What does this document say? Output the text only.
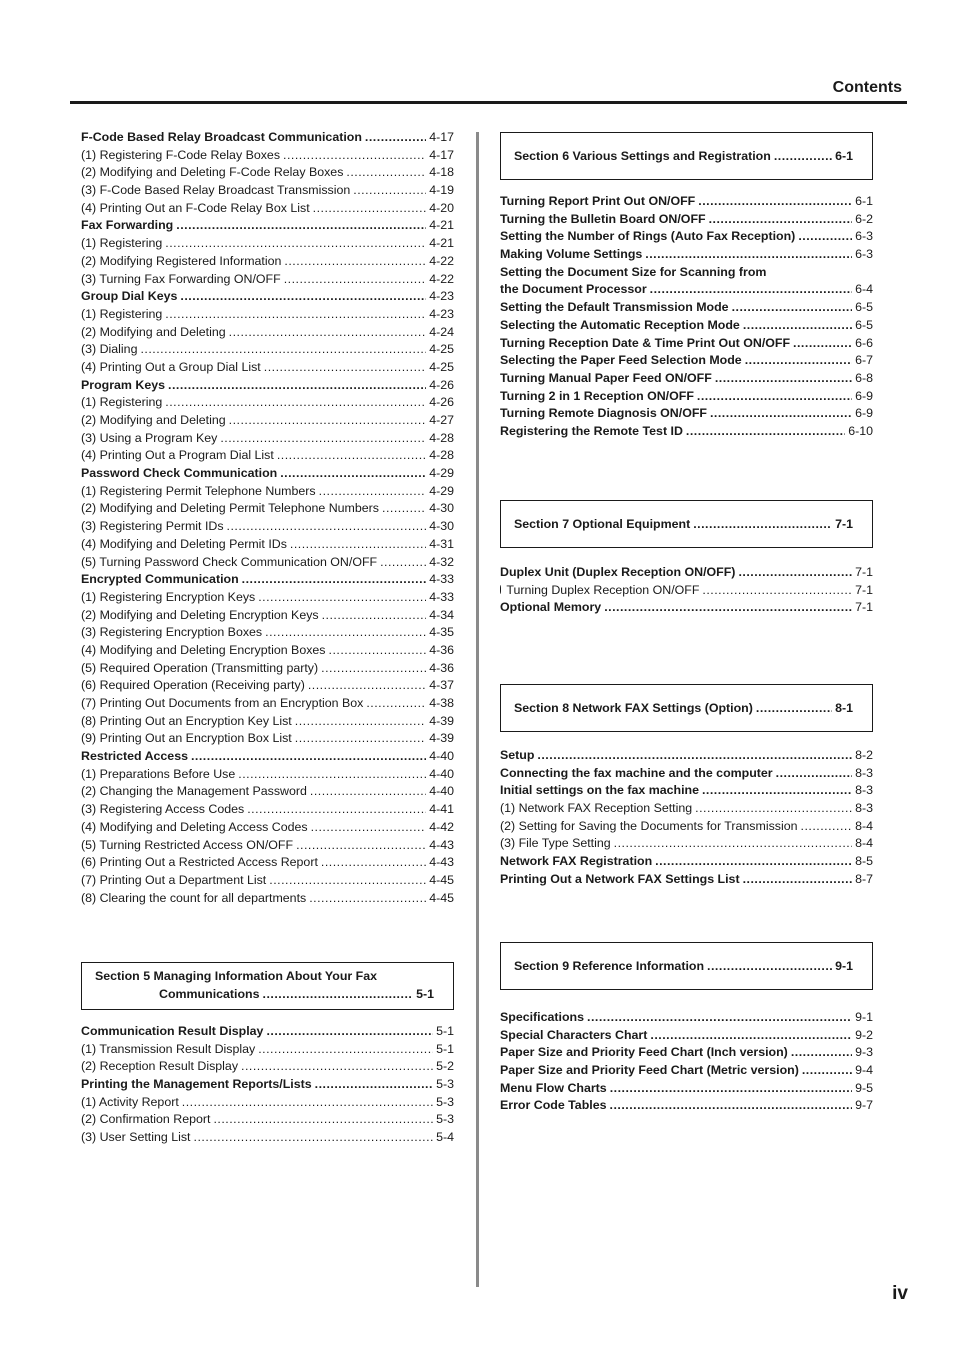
Contents
F-Code Based Relay Broadcast Communication .....	4-17
(1) Registering F-Code Relay Boxes .....	4-17
(2) Modifying and Deleting F-Code Relay Boxes .....	4-18
(3) F-Code Based Relay Broadcast Transmission .....	4-19
(4) Printing Out an F-Code Relay Box List .....	4-20
Fax Forwarding .....	4-21
(1) Registering .....	4-21
(2) Modifying Registered Information .....	4-22
(3) Turning Fax Forwarding ON/OFF .....	4-22
Group Dial Keys .....	4-23
(1) Registering .....	4-23
(2) Modifying and Deleting .....	4-24
(3) Dialing .....	4-25
(4) Printing Out a Group Dial List .....	4-25
Program Keys .....	4-26
(1) Registering .....	4-26
(2) Modifying and Deleting .....	4-27
(3) Using a Program Key .....	4-28
(4) Printing Out a Program Dial List .....	4-28
Password Check Communication .....	4-29
(1) Registering Permit Telephone Numbers .....	4-29
(2) Modifying and Deleting Permit Telephone Numbers .....	4-30
(3) Registering Permit IDs .....	4-30
(4) Modifying and Deleting Permit IDs .....	4-31
(5) Turning Password Check Communication ON/OFF .....	4-32
Encrypted Communication .....	4-33
(1) Registering Encryption Keys .....	4-33
(2) Modifying and Deleting Encryption Keys .....	4-34
(3) Registering Encryption Boxes .....	4-35
(4) Modifying and Deleting Encryption Boxes .....	4-36
(5) Required Operation (Transmitting party) .....	4-36
(6) Required Operation (Receiving party) .....	4-37
(7) Printing Out Documents from an Encryption Box .....	4-38
(8) Printing Out an Encryption Key List .....	4-39
(9) Printing Out an Encryption Box List .....	4-39
Restricted Access .....	4-40
(1) Preparations Before Use .....	4-40
(2) Changing the Management Password .....	4-40
(3) Registering Access Codes .....	4-41
(4) Modifying and Deleting Access Codes .....	4-42
(5) Turning Restricted Access ON/OFF .....	4-43
(6) Printing Out a Restricted Access Report .....	4-43
(7) Printing Out a Department List .....	4-45
(8) Clearing the count for all departments .....	4-45
Section 5 Managing Information About Your Fax
Communications .....	5-1
Communication Result Display .....	5-1
(1) Transmission Result Display .....	5-1
(2) Reception Result Display .....	5-2
Printing the Management Reports/Lists .....	5-3
(1) Activity Report .....	5-3
(2) Confirmation Report .....	5-3
(3) User Setting List .....	5-4
Section 6 Various Settings and Registration .....	6-1
Turning Report Print Out ON/OFF .....	6-1
Turning the Bulletin Board ON/OFF .....	6-2
Setting the Number of Rings (Auto Fax Reception) .....	6-3
Making Volume Settings .....	6-3
Setting the Document Size for Scanning from
the Document Processor .....	6-4
Setting the Default Transmission Mode .....	6-5
Selecting the Automatic Reception Mode .....	6-5
Turning Reception Date & Time Print Out ON/OFF .....	6-6
Selecting the Paper Feed Selection Mode .....	6-7
Turning Manual Paper Feed ON/OFF .....	6-8
Turning 2 in 1 Reception ON/OFF .....	6-9
Turning Remote Diagnosis ON/OFF .....	6-9
Registering the Remote Test ID .....	6-10
Section 7 Optional Equipment .....	7-1
Duplex Unit (Duplex Reception ON/OFF) .....	7-1
Turning Duplex Reception ON/OFF .....	7-1
Optional Memory .....	7-1
Section 8 Network FAX Settings (Option) .....	8-1
Setup .....	8-2
Connecting the fax machine and the computer .....	8-3
Initial settings on the fax machine .....	8-3
(1) Network FAX Reception Setting .....	8-3
(2) Setting for Saving the Documents for Transmission .....	8-4
(3) File Type Setting .....	8-4
Network FAX Registration .....	8-5
Printing Out a Network FAX Settings List .....	8-7
Section 9 Reference Information .....	9-1
Specifications .....	9-1
Special Characters Chart .....	9-2
Paper Size and Priority Feed Chart (Inch version) .....	9-3
Paper Size and Priority Feed Chart (Metric version) .....	9-4
Menu Flow Charts .....	9-5
Error Code Tables .....	9-7
iv
